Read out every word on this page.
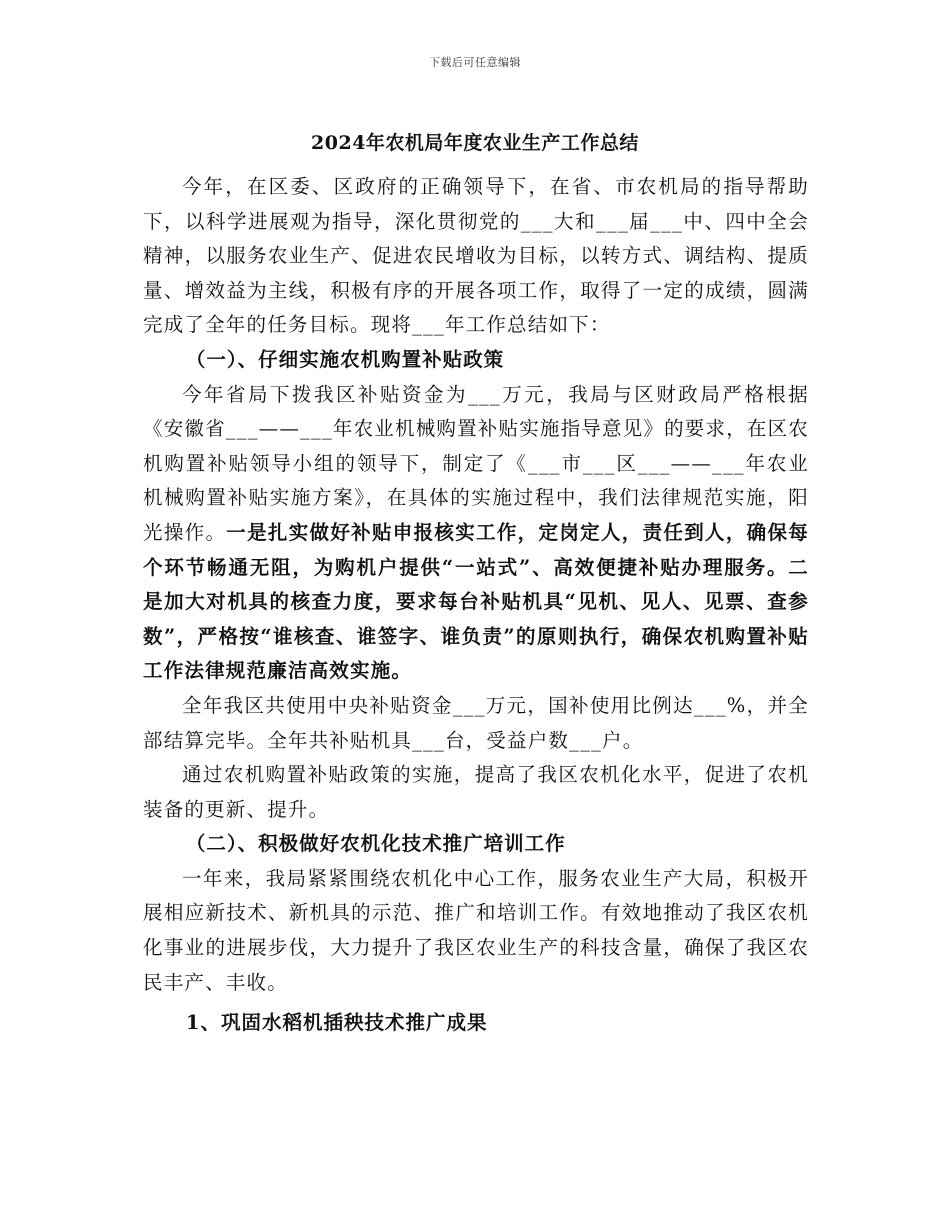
下载后可任意编辑
2024年农机局年度农业生产工作总结

今年，在区委、区政府的正确领导下，在省、市农机局的指导帮助下，以科学进展观为指导，深化贯彻党的___大和___届___中、四中全会精神，以服务农业生产、促进农民增收为目标，以转方式、调结构、提质量、增效益为主线，积极有序的开展各项工作，取得了一定的成绩，圆满完成了全年的任务目标。现将___年工作总结如下：

（一）、仔细实施农机购置补贴政策

今年省局下拨我区补贴资金为___万元，我局与区财政局严格根据《安徽省___——___年农业机械购置补贴实施指导意见》的要求，在区农机购置补贴领导小组的领导下，制定了《___市___区___——___年农业机械购置补贴实施方案》，在具体的实施过程中，我们法律规范实施，阳光操作。一是扎实做好补贴申报核实工作，定岗定人，责任到人，确保每个环节畅通无阻，为购机户提供“一站式”、高效便捷补贴办理服务。二是加大对机具的核查力度，要求每台补贴机具“见机、见人、见票、查参数”，严格按“谁核查、谁签字、谁负责”的原则执行，确保农机购置补贴工作法律规范廉洁高效实施。

全年我区共使用中央补贴资金___万元，国补使用比例达___%，并全部结算完毕。全年共补贴机具___台，受益户数___户。

通过农机购置补贴政策的实施，提高了我区农机化水平，促进了农机装备的更新、提升。

（二）、积极做好农机化技术推广培训工作

一年来，我局紧紧围绕农机化中心工作，服务农业生产大局，积极开展相应新技术、新机具的示范、推广和培训工作。有效地推动了我区农机化事业的进展步伐，大力提升了我区农业生产的科技含量，确保了我区农民丰产、丰收。

1、巩固水稻机插秧技术推广成果
